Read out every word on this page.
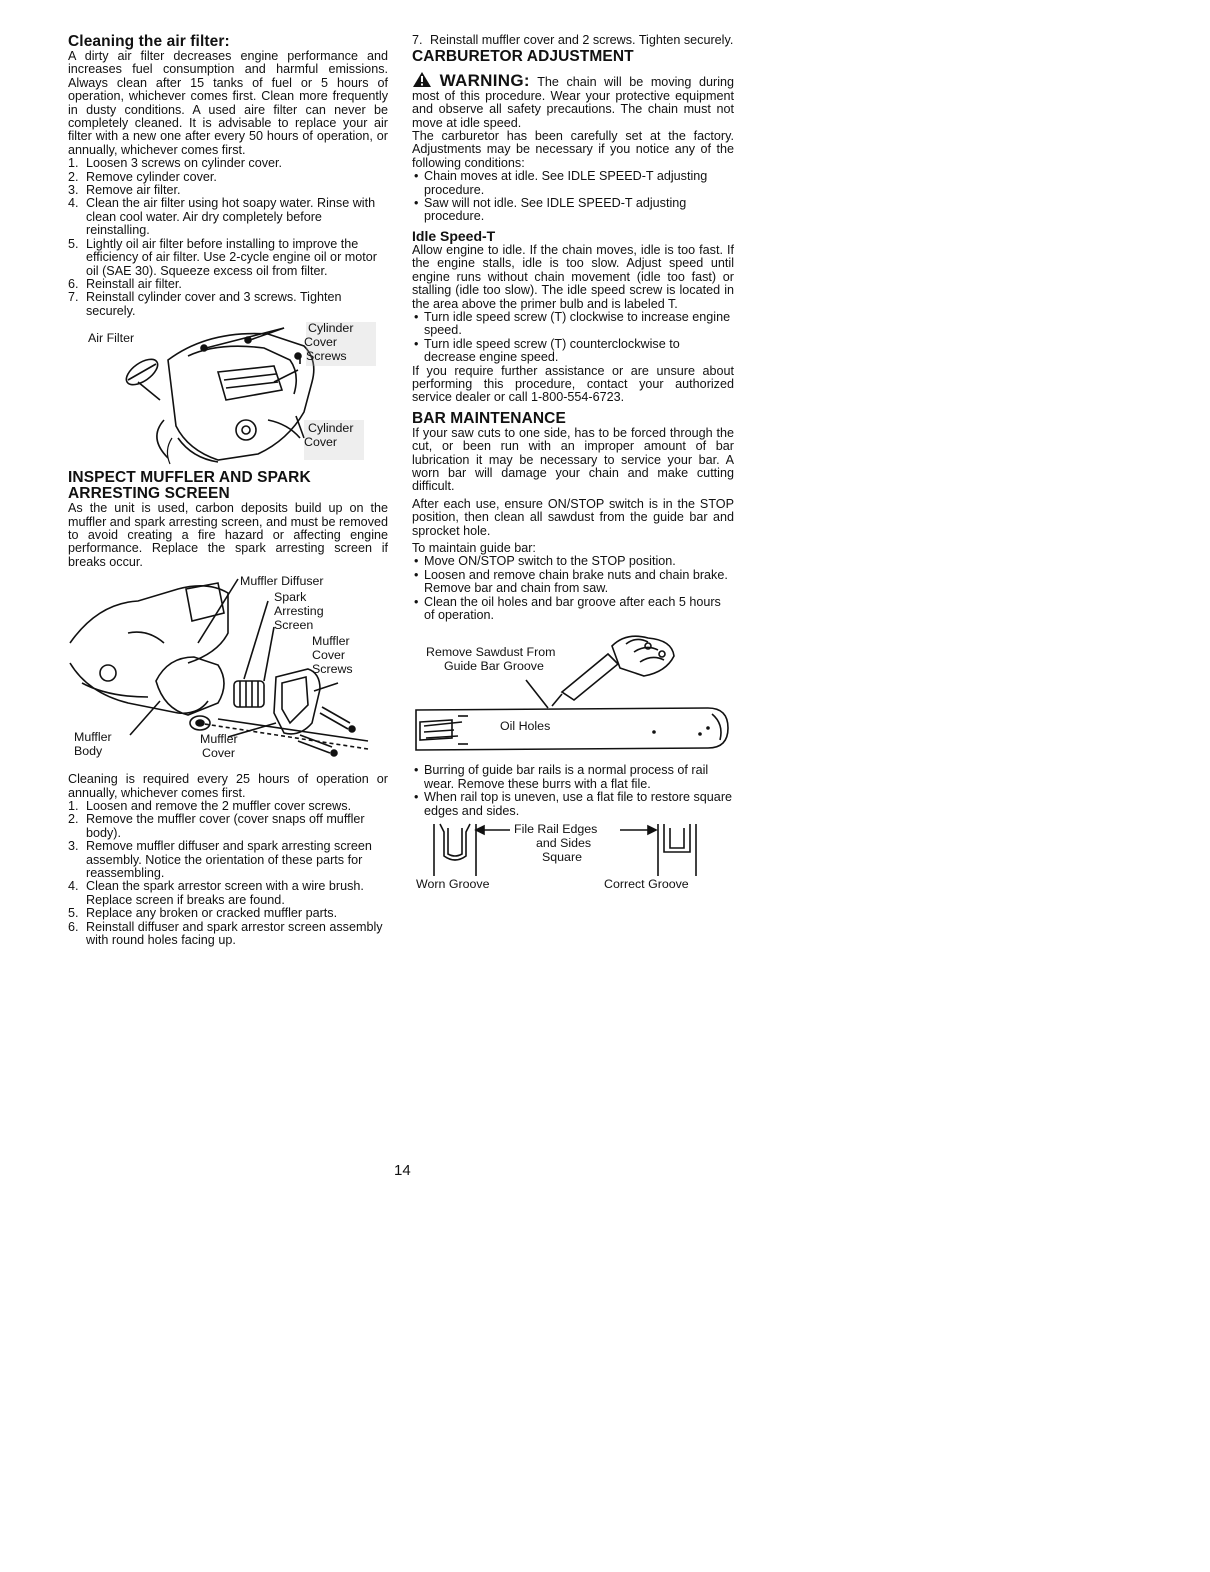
Cleaning the air filter:

A dirty air filter decreases engine performance and increases fuel consumption and harmful emissions. Always clean after 15 tanks of fuel or 5 hours of operation, whichever comes first. Clean more frequently in dusty conditions. A used aire filter can never be completely cleaned. It is advisable to replace your air filter with a new one after every 50 hours of operation, or annually, whichever comes first.

1. Loosen 3 screws on cylinder cover.
2. Remove cylinder cover.
3. Remove air filter.
4. Clean the air filter using hot soapy water. Rinse with clean cool water. Air dry completely before reinstalling.
5. Lightly oil air filter before installing to improve the efficiency of air filter. Use 2-cycle engine oil or motor oil (SAE 30). Squeeze excess oil from filter.
6. Reinstall air filter.
7. Reinstall cylinder cover and 3 screws. Tighten securely.
Air Filter
Cylinder
Cover
Screws
Cylinder
Cover
INSPECT MUFFLER AND SPARK ARRESTING SCREEN

As the unit is used, carbon deposits build up on the muffler and spark arresting screen, and must be removed to avoid creating a fire hazard or affecting engine performance. Replace the spark arresting screen if breaks occur.

Muffler Diffuser
Spark
Arresting
Screen
Muffler
Cover
Screws
Muffler
Body
Muffler
Cover

Cleaning is required every 25 hours of operation or annually, whichever comes first.

1. Loosen and remove the 2 muffler cover screws.
2. Remove the muffler cover (cover snaps off muffler body).
3. Remove muffler diffuser and spark arresting screen assembly. Notice the orientation of these parts for reassembling.
4. Clean the spark arrestor screen with a wire brush. Replace screen if breaks are found.
5. Replace any broken or cracked muffler parts.
6. Reinstall diffuser and spark arrestor screen assembly with round holes facing up.
7. Reinstall muffler cover and 2 screws. Tighten securely.
CARBURETOR ADJUSTMENT

WARNING: The chain will be moving during most of this procedure. Wear your protective equipment and observe all safety precautions. The chain must not move at idle speed.

The carburetor has been carefully set at the factory. Adjustments may be necessary if you notice any of the following conditions:

• Chain moves at idle. See IDLE SPEED-T adjusting procedure.
• Saw will not idle. See IDLE SPEED-T adjusting procedure.
Idle Speed-T

Allow engine to idle. If the chain moves, idle is too fast. If the engine stalls, idle is too slow. Adjust speed until engine runs without chain movement (idle too fast) or stalling (idle too slow). The idle speed screw is located in the area above the primer bulb and is labeled T.

• Turn idle speed screw (T) clockwise to increase engine speed.
• Turn idle speed screw (T) counterclockwise to decrease engine speed.

If you require further assistance or are unsure about performing this procedure, contact your authorized service dealer or call 1-800-554-6723.

BAR MAINTENANCE

If your saw cuts to one side, has to be forced through the cut, or been run with an improper amount of bar lubrication it may be necessary to service your bar. A worn bar will damage your chain and make cutting difficult.

After each use, ensure ON/STOP switch is in the STOP position, then clean all sawdust from the guide bar and sprocket hole.

To maintain guide bar:

• Move ON/STOP switch to the STOP position.
• Loosen and remove chain brake nuts and chain brake. Remove bar and chain from saw.
• Clean the oil holes and bar groove after each 5 hours of operation.
Remove Sawdust From
Guide Bar Groove
Oil Holes
• Burring of guide bar rails is a normal process of rail wear. Remove these burrs with a flat file.
• When rail top is uneven, use a flat file to restore square edges and sides.
File Rail Edges
and Sides
Square
Worn Groove	Correct Groove
14
